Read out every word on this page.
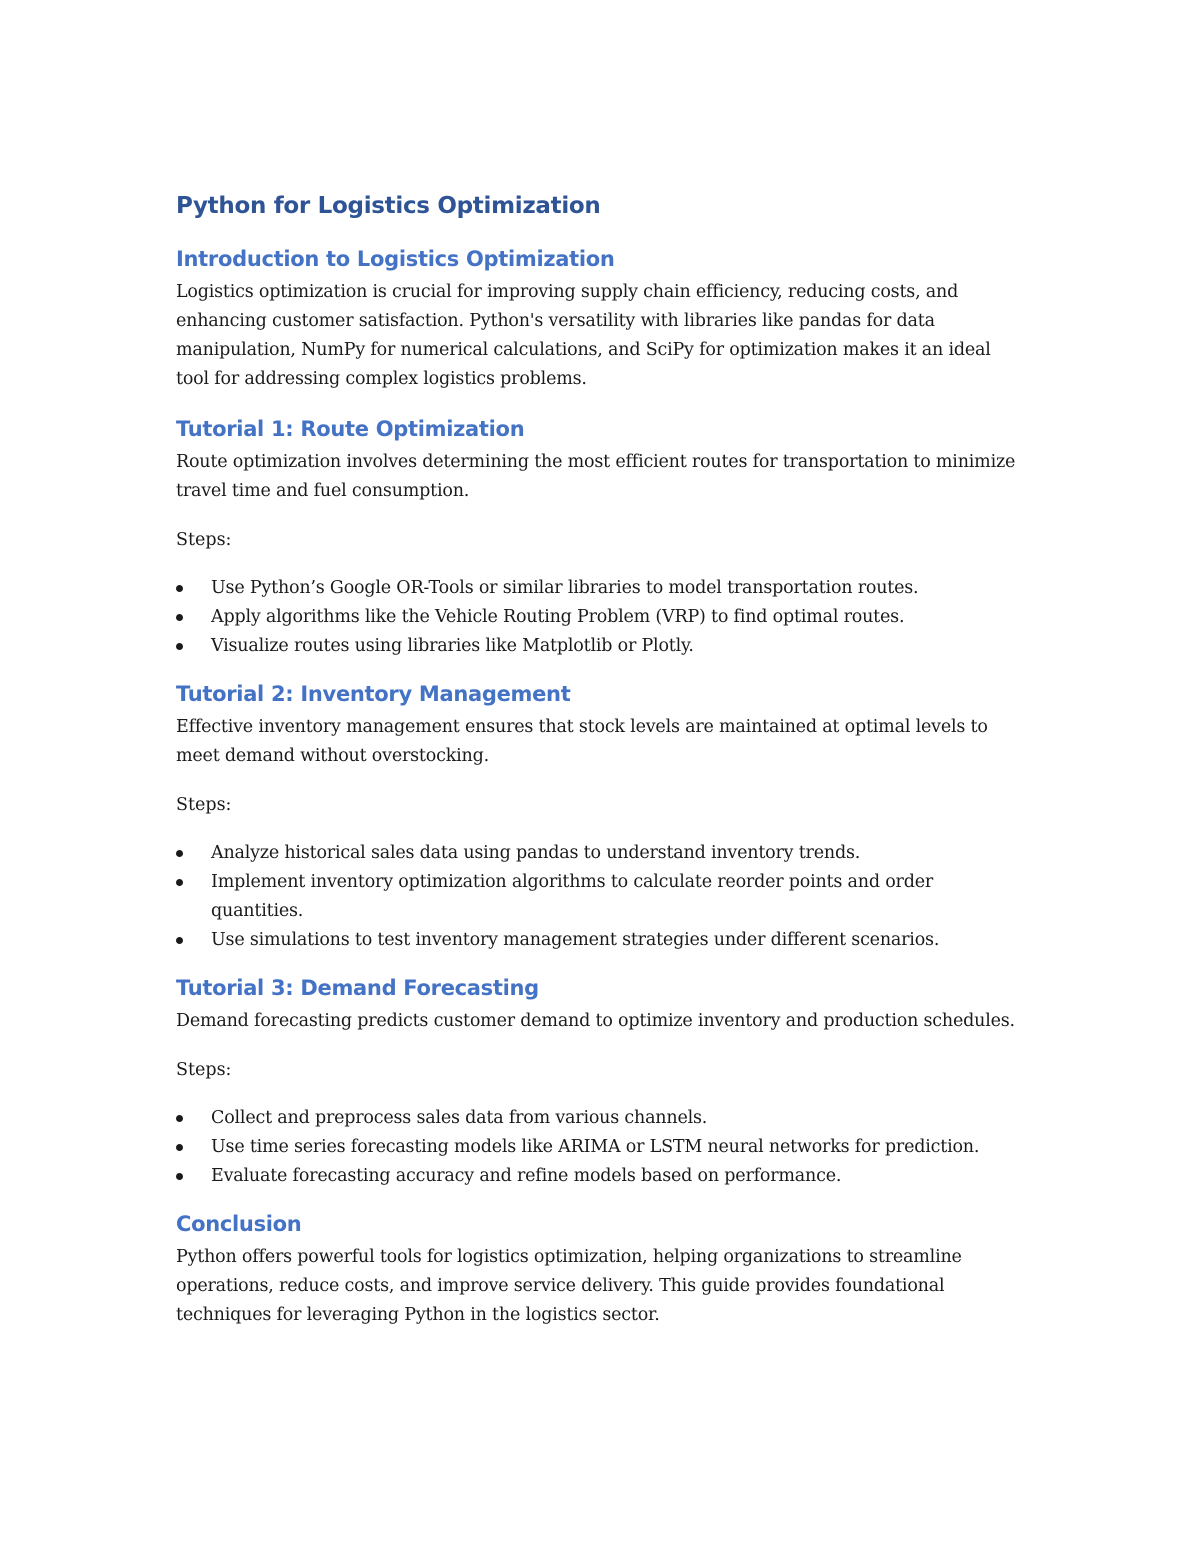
Python for Logistics Optimization
Introduction to Logistics Optimization
Logistics optimization is crucial for improving supply chain efficiency, reducing costs, and enhancing customer satisfaction. Python's versatility with libraries like pandas for data manipulation, NumPy for numerical calculations, and SciPy for optimization makes it an ideal tool for addressing complex logistics problems.
Tutorial 1: Route Optimization
Route optimization involves determining the most efficient routes for transportation to minimize travel time and fuel consumption.
Steps:
Use Python’s Google OR-Tools or similar libraries to model transportation routes.
Apply algorithms like the Vehicle Routing Problem (VRP) to find optimal routes.
Visualize routes using libraries like Matplotlib or Plotly.
Tutorial 2: Inventory Management
Effective inventory management ensures that stock levels are maintained at optimal levels to meet demand without overstocking.
Steps:
Analyze historical sales data using pandas to understand inventory trends.
Implement inventory optimization algorithms to calculate reorder points and order quantities.
Use simulations to test inventory management strategies under different scenarios.
Tutorial 3: Demand Forecasting
Demand forecasting predicts customer demand to optimize inventory and production schedules.
Steps:
Collect and preprocess sales data from various channels.
Use time series forecasting models like ARIMA or LSTM neural networks for prediction.
Evaluate forecasting accuracy and refine models based on performance.
Conclusion
Python offers powerful tools for logistics optimization, helping organizations to streamline operations, reduce costs, and improve service delivery. This guide provides foundational techniques for leveraging Python in the logistics sector.
